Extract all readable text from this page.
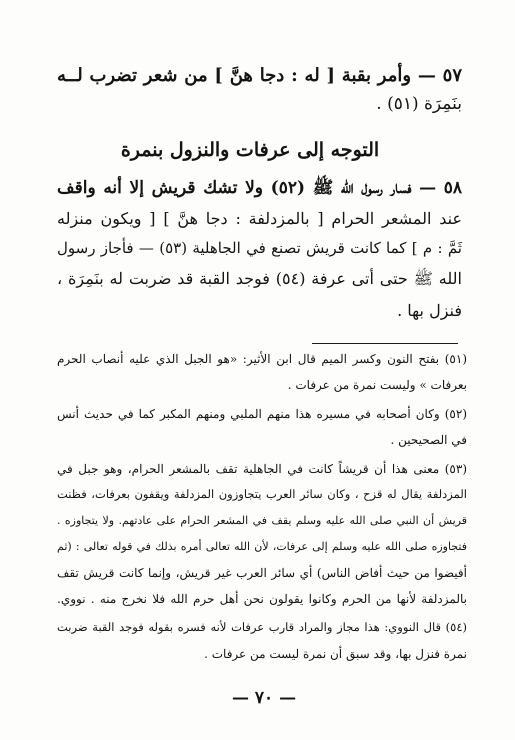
٥٧ — وأمر بقبة [ له : دجا هنَّ ] من شعر تضرب لــه
بنَمِرَة (٥١) .
التوجه إلى عرفات والنزول بنمرة
٥٨ — فسار رسول الله ﷺ (٥٢) ولا تشك قريش إلا أنه واقف
عند المشعر الحرام [ بالمزدلفة : دجا هنَّ ] [ ويكون منزله
ثَمَّ : م ] كما كانت قريش تصنع في الجاهلية (٥٣) — فأجاز رسول
الله ﷺ حتى أتى عرفة (٥٤) فوجد القبة قد ضربت له بنَمِرَة ،
فنزل بها .
(٥١) بفتح النون وكسر الميم قال ابن الأثير: «هو الجبل الذي عليه أنصاب الحرم
بعرفات » وليست نمرة من عرفات .
(٥٢) وكان أصحابه في مسيره هذا منهم الملبي ومنهم المكبر كما في حديث أنس
في الصحيحين .
(٥٣) معنى هذا أن قريشاً كانت في الجاهلية تقف بالمشعر الحرام، وهو جبل في
المزدلفة يقال له قزح ، وكان سائر العرب يتجاوزون المزدلفة ويقفون بعرفات، فظنت
قريش أن النبي صلى الله عليه وسلم يقف في المشعر الحرام على عادتهم. ولا يتجاوزه .
فتجاوزه صلى الله عليه وسلم إلى عرفات، لأن الله تعالى أمره بذلك في قوله تعالى : (ثم
أفيضوا من حيث أفاض الناس) أي سائر العرب غير قريش، وإنما كانت قريش تقف
بالمزدلفة لأنها من الحرم وكانوا يقولون نحن أهل حرم الله فلا نخرج منه . نووي.
(٥٤) قال النووي: هذا مجاز والمراد قارب عرفات لأنه فسره بقوله فوجد القبة ضربت
نمرة فنزل بها، وقد سبق أن نمرة ليست من عرفات .
— ٧٠ —
